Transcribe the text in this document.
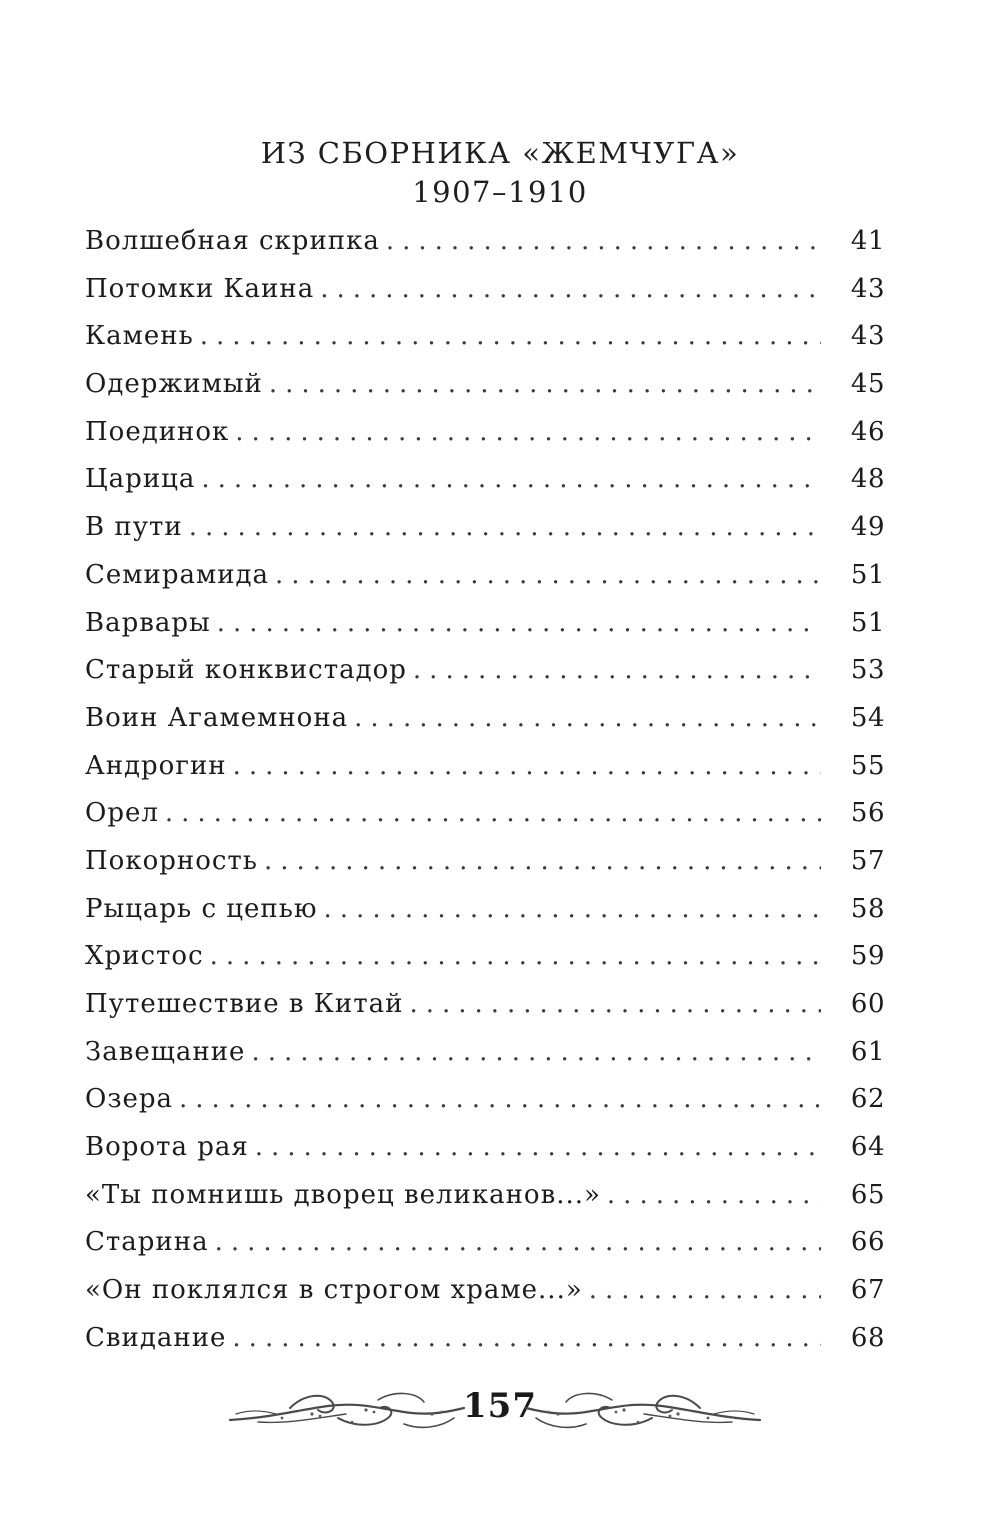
ИЗ СБОРНИКА «ЖЕМЧУГА»
1907–1910
Волшебная скрипка .....	41
Потомки Каина .....	43
Камень .....	43
Одержимый .....	45
Поединок .....	46
Царица .....	48
В пути .....	49
Семирамида .....	51
Варвары .....	51
Старый конквистадор .....	53
Воин Агамемнона .....	54
Андрогин .....	55
Орел .....	56
Покорность .....	57
Рыцарь с цепью .....	58
Христос .....	59
Путешествие в Китай .....	60
Завещание .....	61
Озера .....	62
Ворота рая .....	64
«Ты помнишь дворец великанов...» .....	65
Старина .....	66
«Он поклялся в строгом храме...» .....	67
Свидание .....	68
157
